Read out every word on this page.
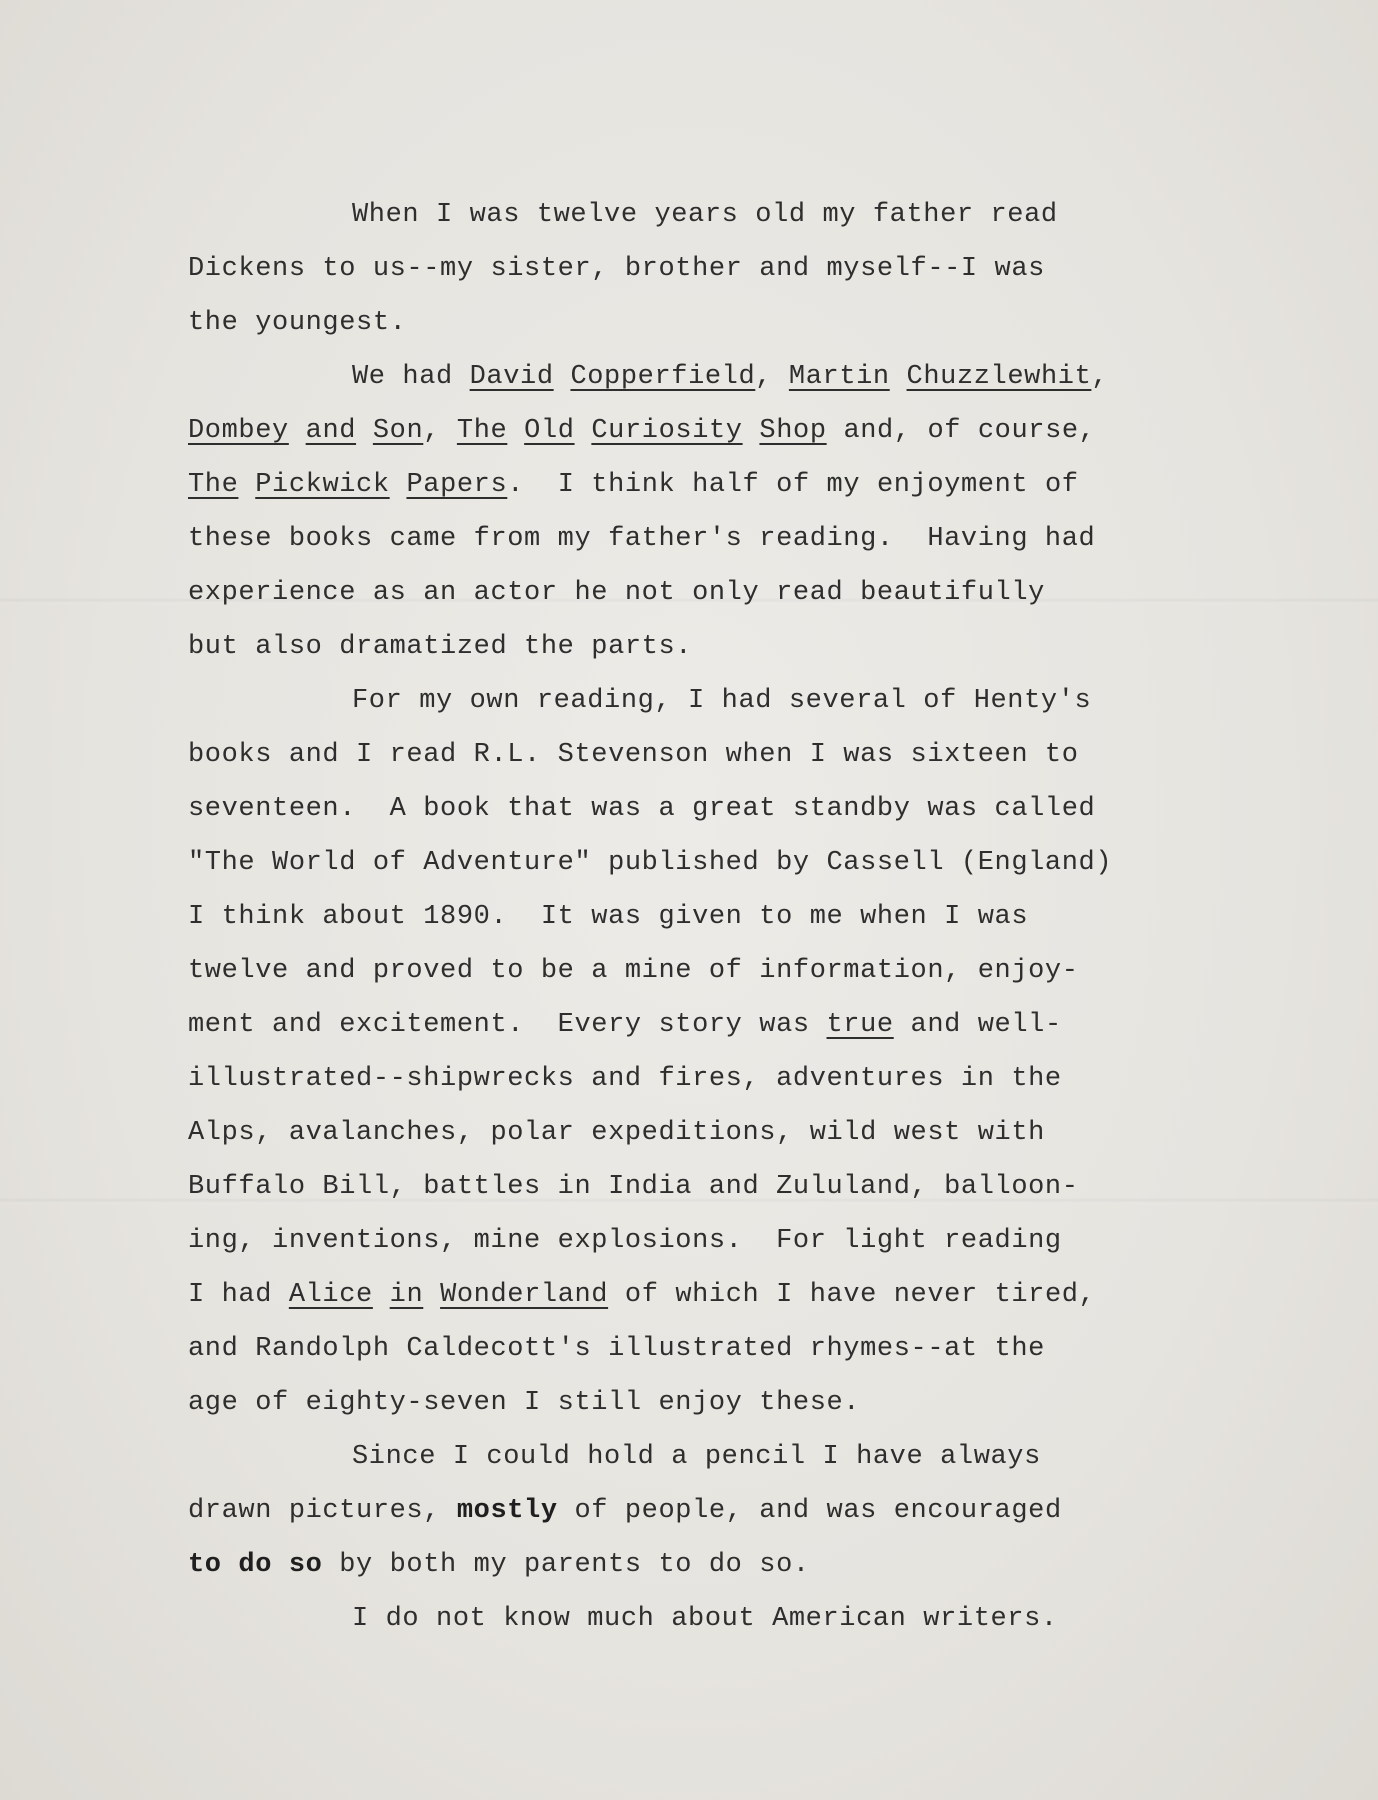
When I was twelve years old my father read
Dickens to us--my sister, brother and myself--I was
the youngest.
We had David Copperfield, Martin Chuzzlewhit,
Dombey and Son, The Old Curiosity Shop and, of course,
The Pickwick Papers.  I think half of my enjoyment of
these books came from my father's reading.  Having had
experience as an actor he not only read beautifully
but also dramatized the parts.
For my own reading, I had several of Henty's
books and I read R.L. Stevenson when I was sixteen to
seventeen.  A book that was a great standby was called
"The World of Adventure" published by Cassell (England)
I think about 1890.  It was given to me when I was
twelve and proved to be a mine of information, enjoy-
ment and excitement.  Every story was true and well-
illustrated--shipwrecks and fires, adventures in the
Alps, avalanches, polar expeditions, wild west with
Buffalo Bill, battles in India and Zululand, balloon-
ing, inventions, mine explosions.  For light reading
I had Alice in Wonderland of which I have never tired,
and Randolph Caldecott's illustrated rhymes--at the
age of eighty-seven I still enjoy these.
Since I could hold a pencil I have always
drawn pictures, mostly of people, and was encouraged
to do so by both my parents to do so.
I do not know much about American writers.
